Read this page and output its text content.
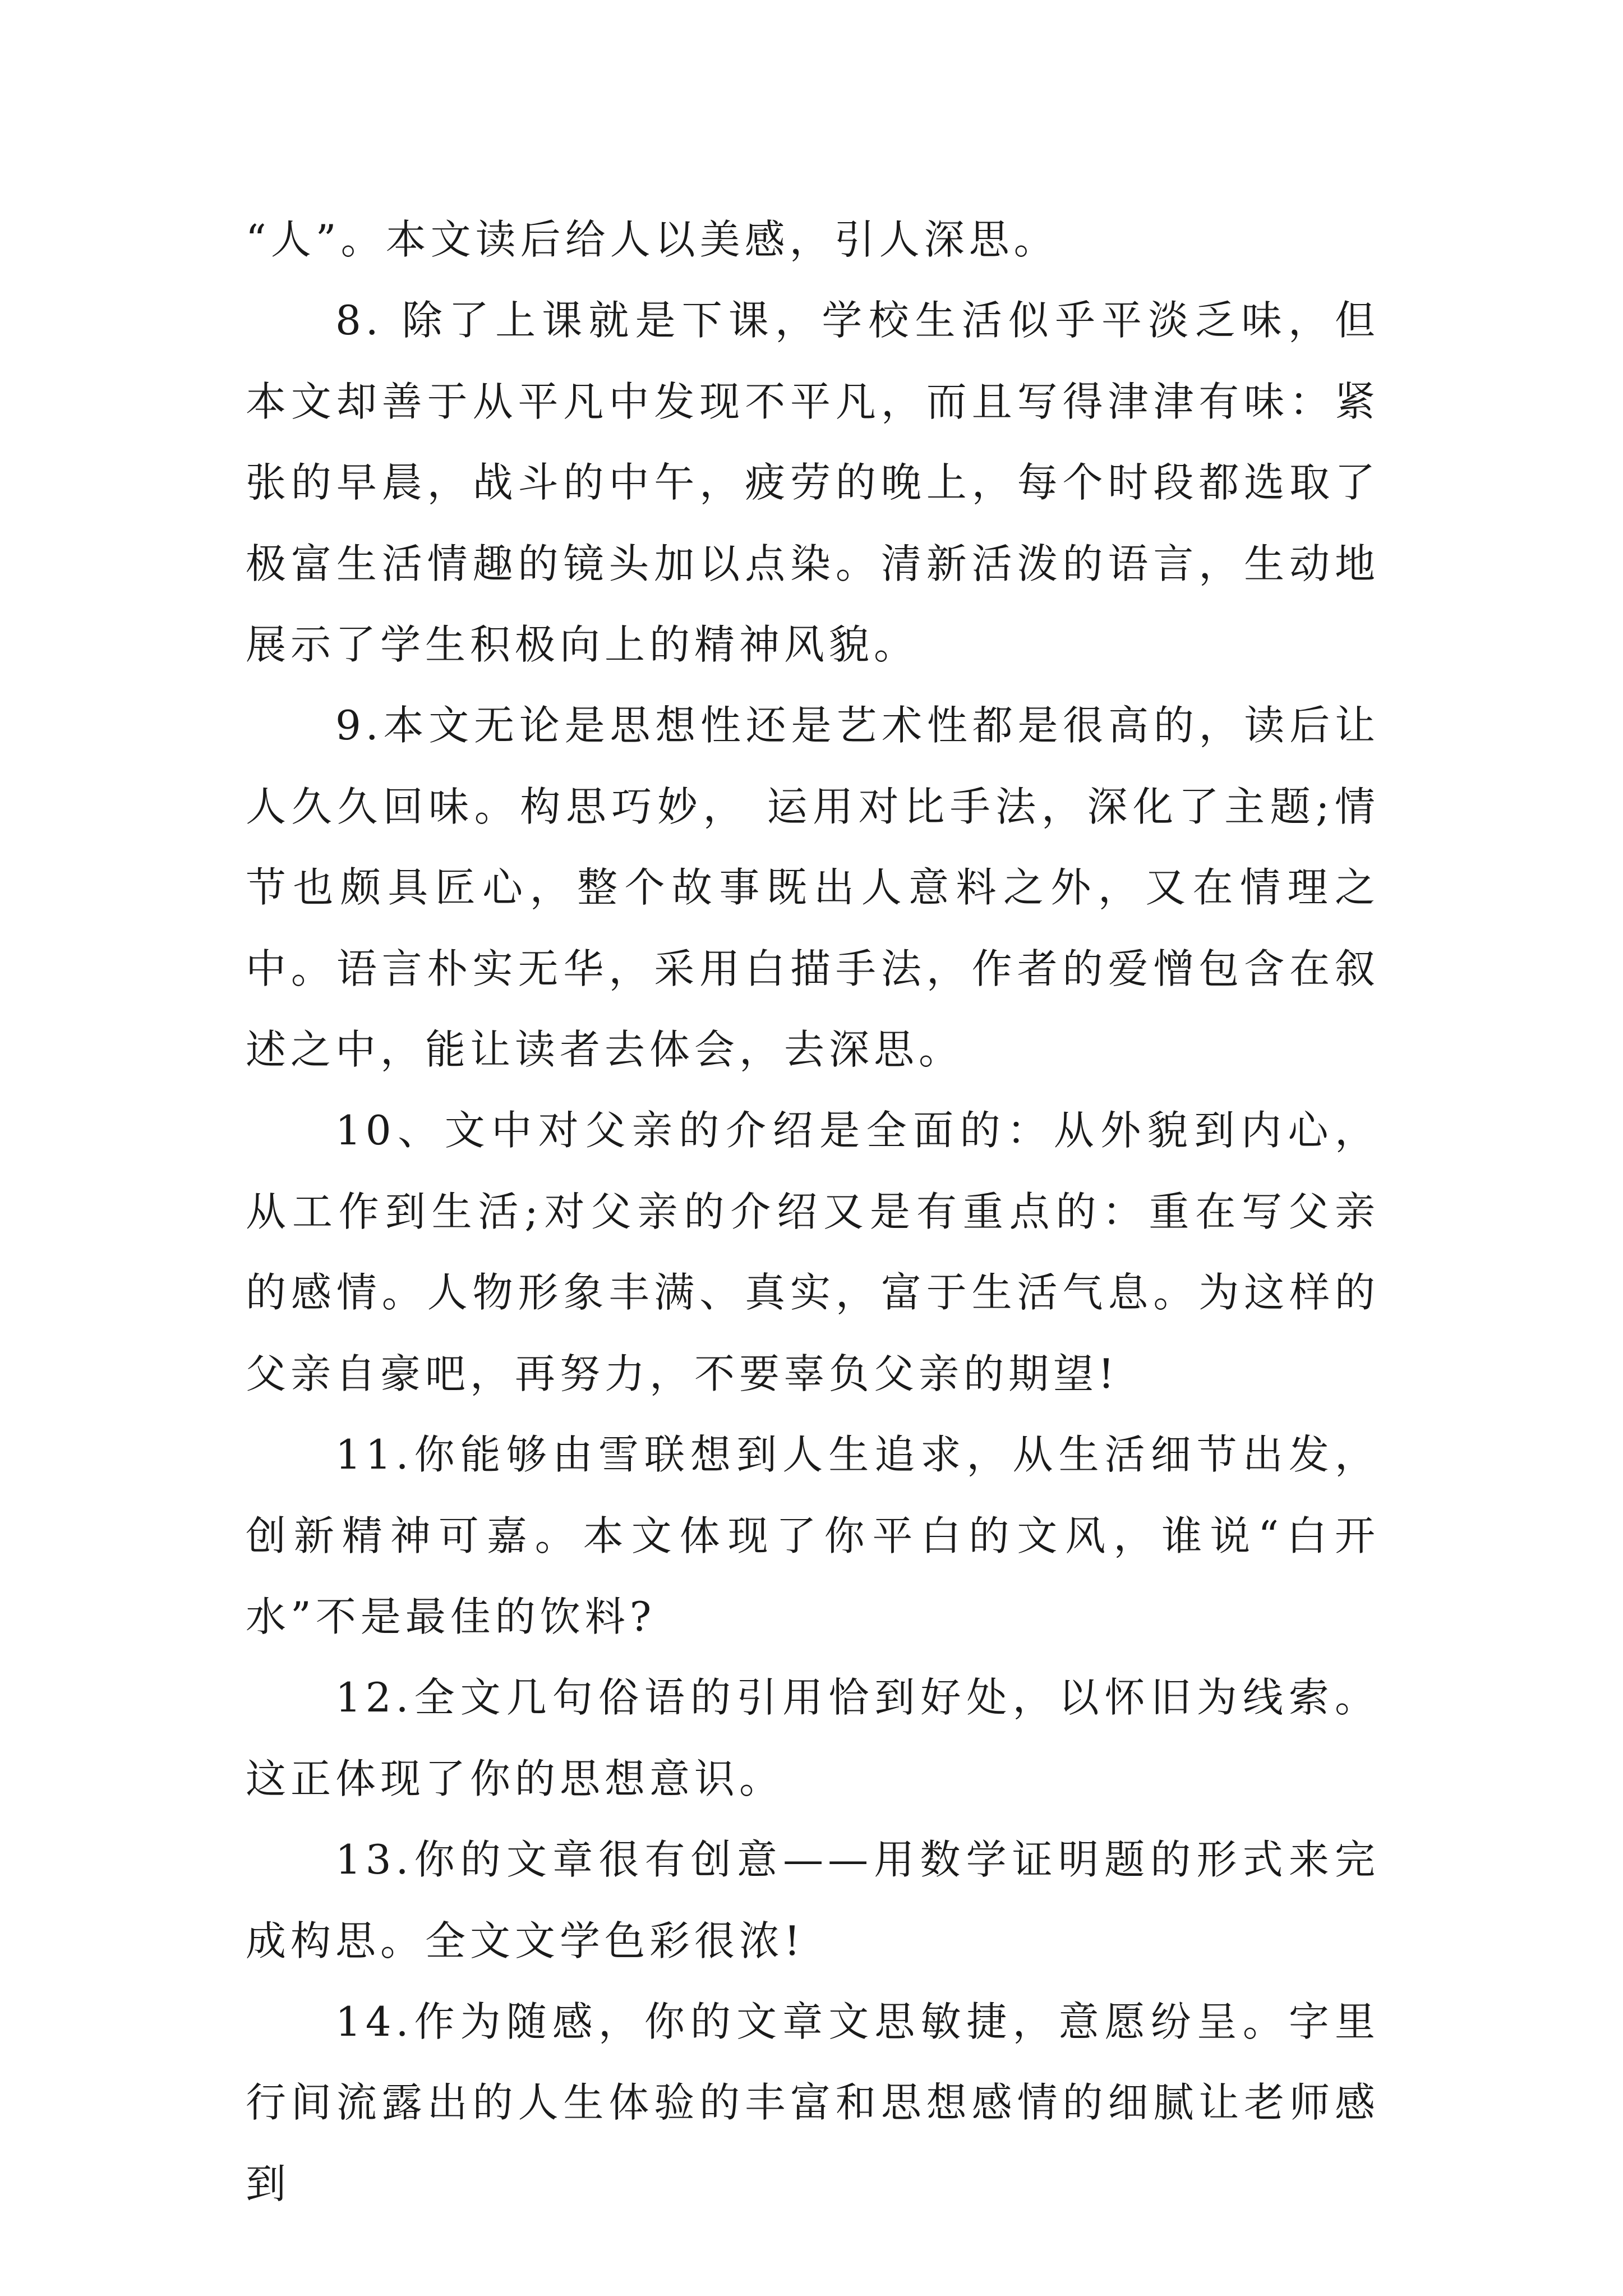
“人”。本文读后给人以美感，引人深思。

8. 除了上课就是下课，学校生活似乎平淡乏味，但本文却善于从平凡中发现不平凡，而且写得津津有味：紧张的早晨，战斗的中午，疲劳的晚上，每个时段都选取了极富生活情趣的镜头加以点染。清新活泼的语言，生动地展示了学生积极向上的精神风貌。

9.本文无论是思想性还是艺术性都是很高的，读后让人久久回味。构思巧妙， 运用对比手法，深化了主题;情节也颇具匠心，整个故事既出人意料之外，又在情理之中。语言朴实无华，采用白描手法，作者的爱憎包含在叙述之中，能让读者去体会，去深思。

10、文中对父亲的介绍是全面的：从外貌到内心，从工作到生活;对父亲的介绍又是有重点的：重在写父亲的感情。人物形象丰满、真实，富于生活气息。为这样的父亲自豪吧，再努力，不要辜负父亲的期望!

11.你能够由雪联想到人生追求，从生活细节出发，创新精神可嘉。本文体现了你平白的文风，谁说“白开水”不是最佳的饮料?

12.全文几句俗语的引用恰到好处，以怀旧为线索。这正体现了你的思想意识。

13.你的文章很有创意——用数学证明题的形式来完成构思。全文文学色彩很浓!

14.作为随感，你的文章文思敏捷，意愿纷呈。字里行间流露出的人生体验的丰富和思想感情的细腻让老师感到
